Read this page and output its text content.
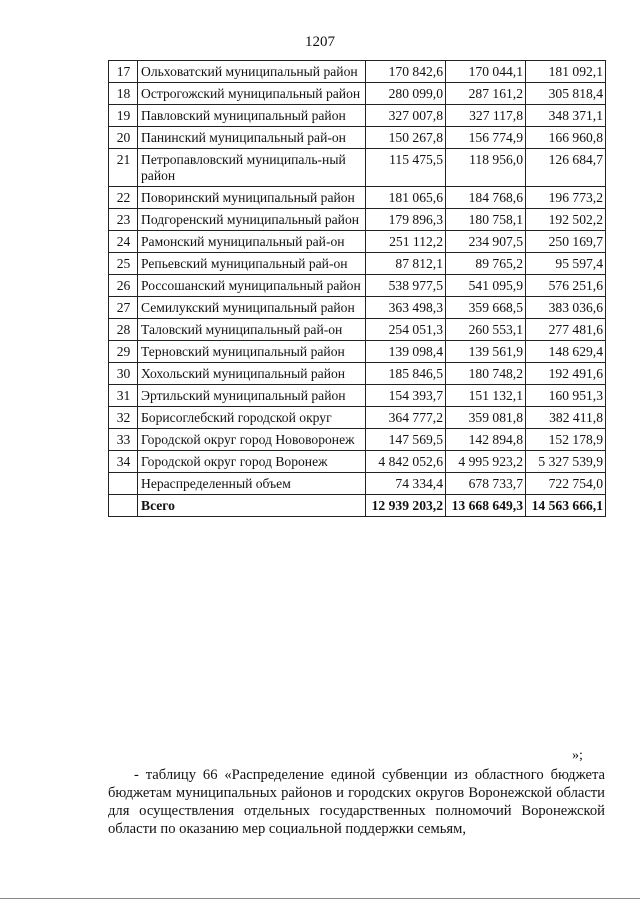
1207
17	Ольховатский муниципальный район	170 842,6	170 044,1	181 092,1
18	Острогожский муниципальный район	280 099,0	287 161,2	305 818,4
19	Павловский муниципальный район	327 007,8	327 117,8	348 371,1
20	Панинский муниципальный рай-он	150 267,8	156 774,9	166 960,8
21	Петропавловский муниципаль-ный район	115 475,5	118 956,0	126 684,7
22	Поворинский муниципальный район	181 065,6	184 768,6	196 773,2
23	Подгоренский муниципальный район	179 896,3	180 758,1	192 502,2
24	Рамонский муниципальный рай-он	251 112,2	234 907,5	250 169,7
25	Репьевский муниципальный рай-он	87 812,1	89 765,2	95 597,4
26	Россошанский муниципальный район	538 977,5	541 095,9	576 251,6
27	Семилукский муниципальный район	363 498,3	359 668,5	383 036,6
28	Таловский муниципальный рай-он	254 051,3	260 553,1	277 481,6
29	Терновский муниципальный район	139 098,4	139 561,9	148 629,4
30	Хохольский муниципальный район	185 846,5	180 748,2	192 491,6
31	Эртильский муниципальный район	154 393,7	151 132,1	160 951,3
32	Борисоглебский городской округ	364 777,2	359 081,8	382 411,8
33	Городской округ город Нововоронеж	147 569,5	142 894,8	152 178,9
34	Городской округ город Воронеж	4 842 052,6	4 995 923,2	5 327 539,9
	Нераспределенный объем	74 334,4	678 733,7	722 754,0
	Всего	12 939 203,2	13 668 649,3	14 563 666,1
»;
- таблицу 66 «Распределение единой субвенции из областного бюджета бюджетам муниципальных районов и городских округов Воронежской области для осуществления отдельных государственных полномочий Воронежской области по оказанию мер социальной поддержки семьям,
